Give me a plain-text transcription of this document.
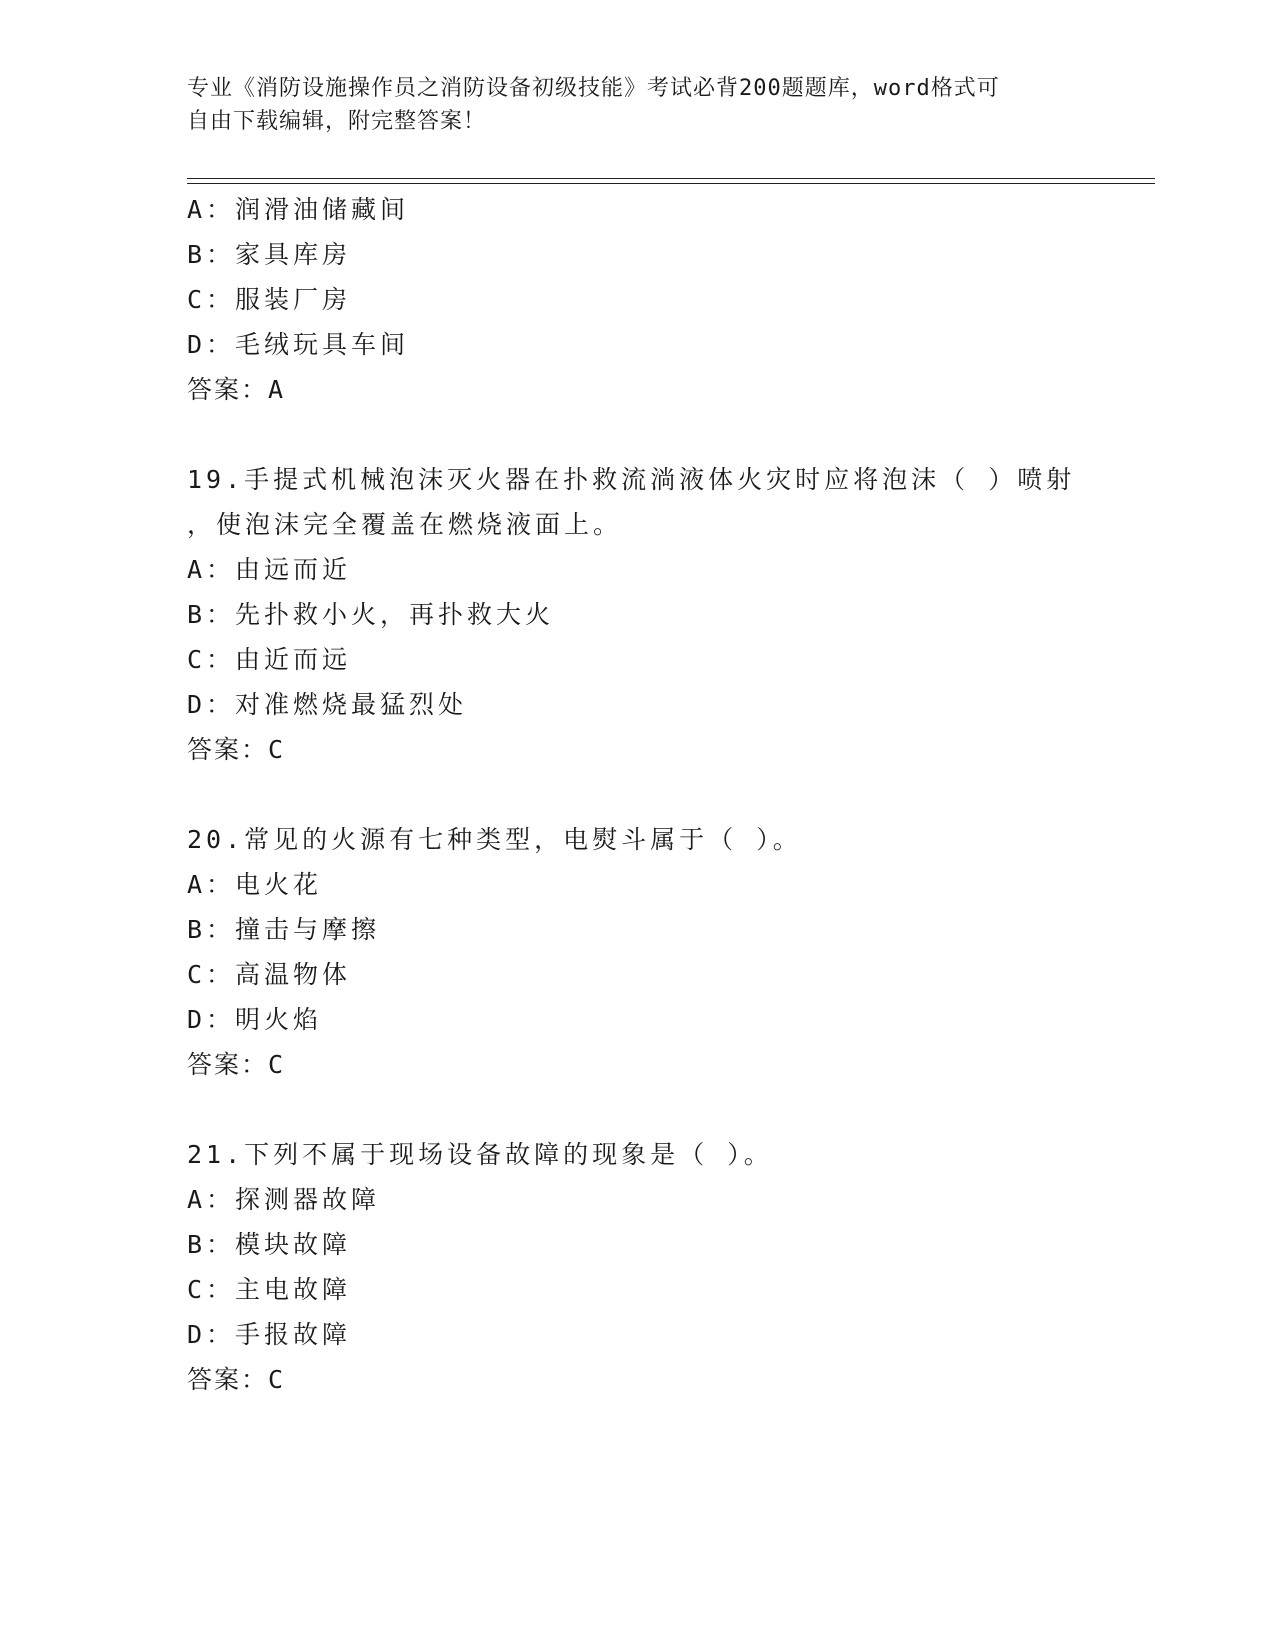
专业《消防设施操作员之消防设备初级技能》考试必背200题题库，word格式可
自由下载编辑，附完整答案！
A：润滑油储藏间
B：家具库房
C：服装厂房
D：毛绒玩具车间
答案：A
19.手提式机械泡沫灭火器在扑救流淌液体火灾时应将泡沫（ ）喷射
，使泡沫完全覆盖在燃烧液面上。
A：由远而近
B：先扑救小火，再扑救大火
C：由近而远
D：对准燃烧最猛烈处
答案：C
20.常见的火源有七种类型，电熨斗属于（ ）。
A：电火花
B：撞击与摩擦
C：高温物体
D：明火焰
答案：C
21.下列不属于现场设备故障的现象是（ ）。
A：探测器故障
B：模块故障
C：主电故障
D：手报故障
答案：C
